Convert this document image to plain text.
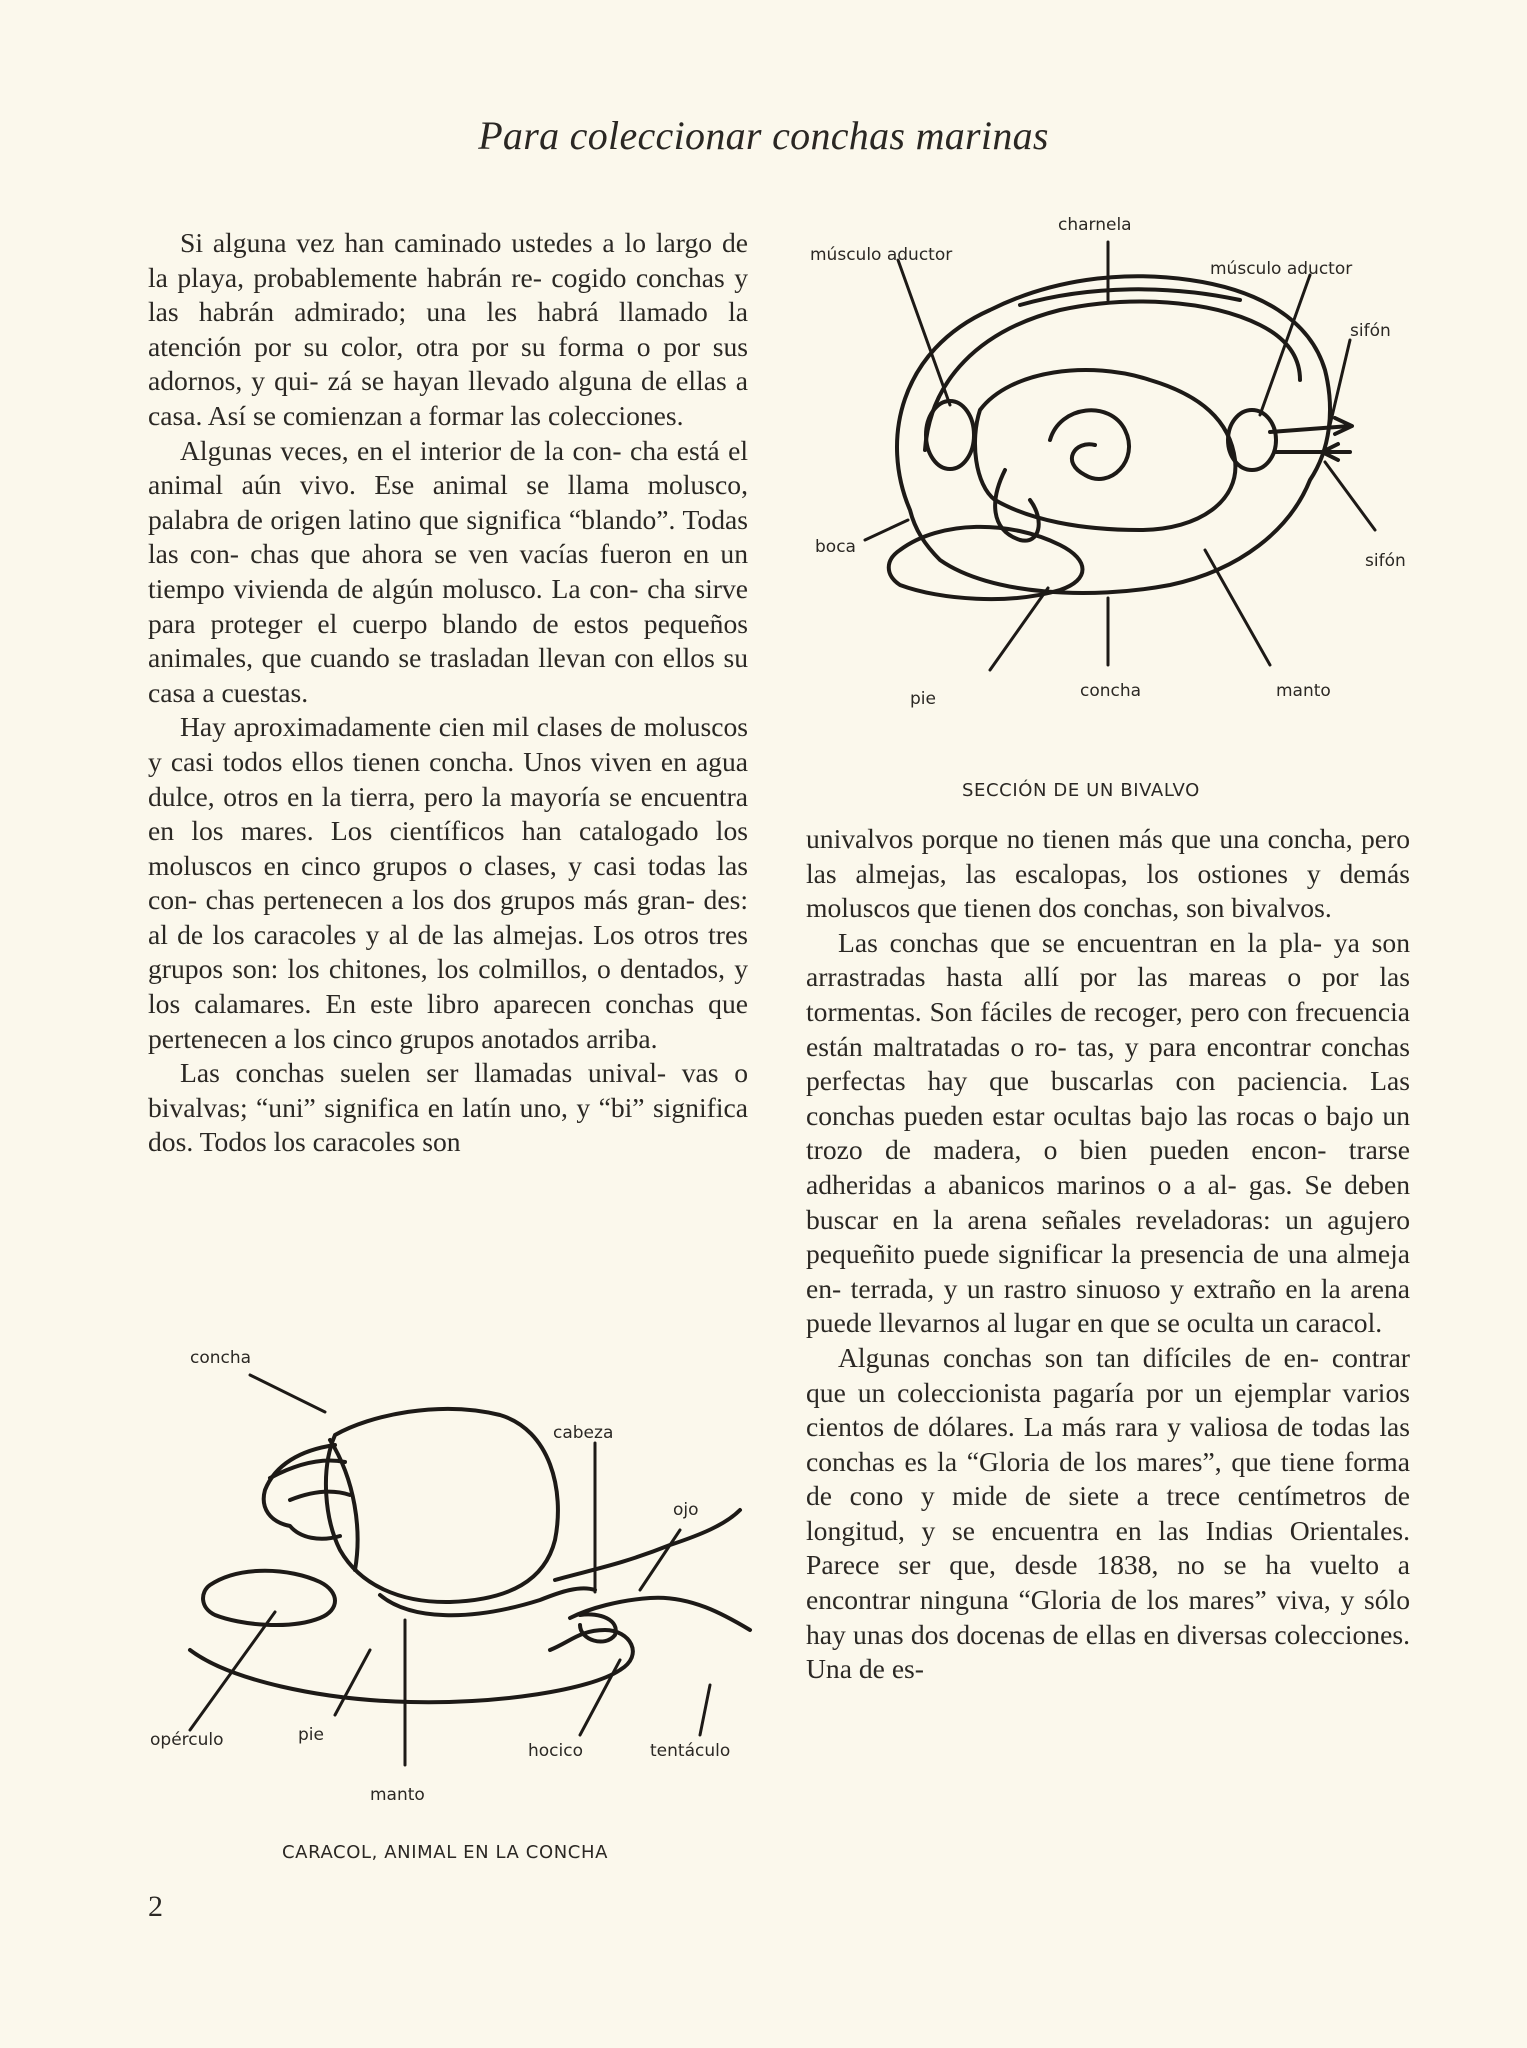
Para coleccionar conchas marinas

Si alguna vez han caminado ustedes a lo largo de la playa, probablemente habrán re- cogido conchas y las habrán admirado; una les habrá llamado la atención por su color, otra por su forma o por sus adornos, y qui- zá se hayan llevado alguna de ellas a casa. Así se comienzan a formar las colecciones.

Algunas veces, en el interior de la con- cha está el animal aún vivo. Ese animal se llama molusco, palabra de origen latino que significa “blando”. Todas las con- chas que ahora se ven vacías fueron en un tiempo vivienda de algún molusco. La con- cha sirve para proteger el cuerpo blando de estos pequeños animales, que cuando se trasladan llevan con ellos su casa a cuestas.

Hay aproximadamente cien mil clases de moluscos y casi todos ellos tienen concha. Unos viven en agua dulce, otros en la tierra, pero la mayoría se encuentra en los mares. Los científicos han catalogado los moluscos en cinco grupos o clases, y casi todas las con- chas pertenecen a los dos grupos más gran- des: al de los caracoles y al de las almejas. Los otros tres grupos son: los chitones, los colmillos, o dentados, y los calamares. En este libro aparecen conchas que pertenecen a los cinco grupos anotados arriba.

Las conchas suelen ser llamadas unival- vas o bivalvas; “uni” significa en latín uno, y “bi” significa dos. Todos los caracoles son

univalvos porque no tienen más que una concha, pero las almejas, las escalopas, los ostiones y demás moluscos que tienen dos conchas, son bivalvos.

Las conchas que se encuentran en la pla- ya son arrastradas hasta allí por las mareas o por las tormentas. Son fáciles de recoger, pero con frecuencia están maltratadas o ro- tas, y para encontrar conchas perfectas hay que buscarlas con paciencia. Las conchas pueden estar ocultas bajo las rocas o bajo un trozo de madera, o bien pueden encon- trarse adheridas a abanicos marinos o a al- gas. Se deben buscar en la arena señales reveladoras: un agujero pequeñito puede significar la presencia de una almeja en- terrada, y un rastro sinuoso y extraño en la arena puede llevarnos al lugar en que se oculta un caracol.

Algunas conchas son tan difíciles de en- contrar que un coleccionista pagaría por un ejemplar varios cientos de dólares. La más rara y valiosa de todas las conchas es la “Gloria de los mares”, que tiene forma de cono y mide de siete a trece centímetros de longitud, y se encuentra en las Indias Orientales. Parece ser que, desde 1838, no se ha vuelto a encontrar ninguna “Gloria de los mares” viva, y sólo hay unas dos docenas de ellas en diversas colecciones. Una de es-

charnela
músculo aductor
músculo aductor
sifón
sifón
boca
pie	concha	manto
SECCIÓN DE UN BIVALVO
concha
cabeza
ojo
opérculo	pie
hocico	tentáculo
manto
CARACOL, ANIMAL EN LA CONCHA
2
